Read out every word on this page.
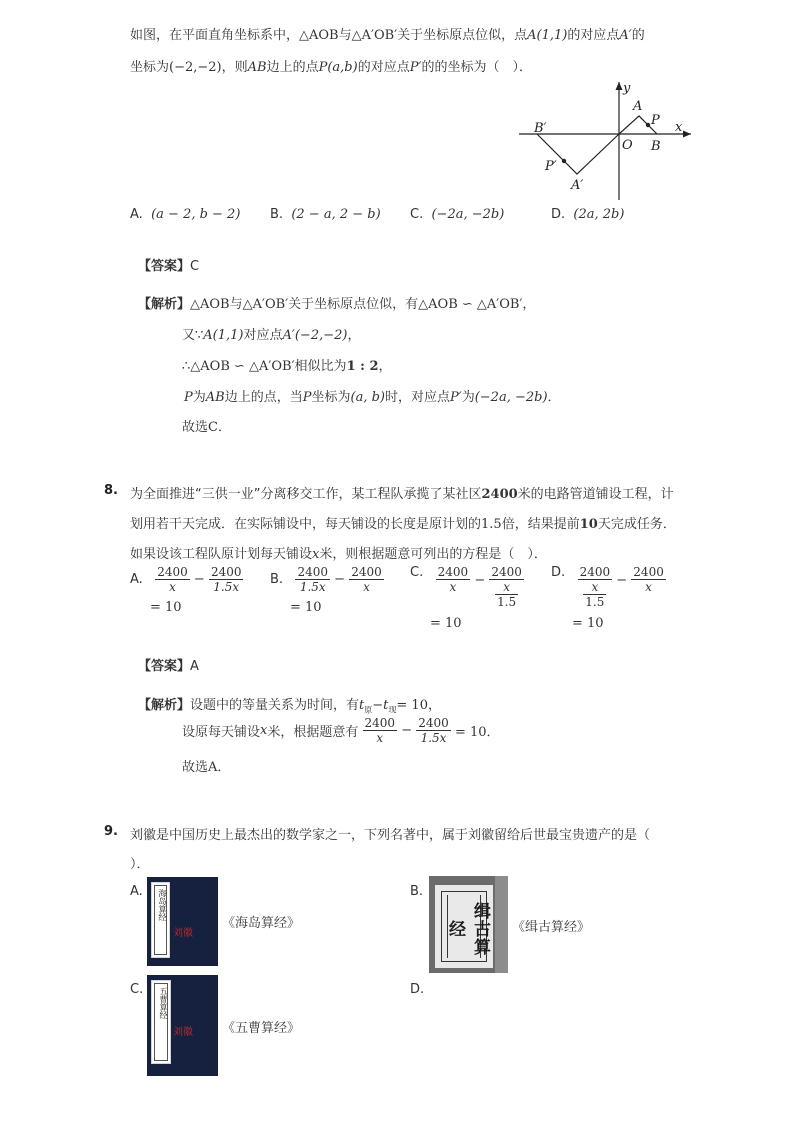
如图，在平面直角坐标系中，△AOB与△A′OB′关于坐标原点位似，点A(1,1)的对应点A′的
坐标为(−2,−2)，则AB边上的点P(a,b)的对应点P′的的坐标为（　）．
y
x
A
P
O B
B′
P′
A′
A. (a − 2, b − 2) B. (2 − a, 2 − b) C. (−2a, −2b)	D. (2a, 2b)
【答案】C
【解析】△AOB与△A′OB′关于坐标原点位似，有△AOB ∽ △A′OB′，
又∵A(1,1)对应点A′(−2,−2)，
∴△AOB ∽ △A′OB′相似比为1 : 2，
P为AB边上的点，当P坐标为(a, b)时，对应点P′为(−2a, −2b)．
故选C．
8. 为全面推进“三供一业”分离移交工作，某工程队承揽了某社区2400米的电路管道铺设工程，计
划用若干天完成．在实际铺设中，每天铺设的长度是原计划的1.5倍，结果提前10天完成任务．
如果设该工程队原计划每天铺设x米，则根据题意可列出的方程是（　）．
A. $\frac{2400}{x} - \frac{2400}{1.5x}$
= 10
B. $\frac{2400}{1.5x} - \frac{2400}{x}$
= 10
C. $\frac{2400}{x} - \frac{2400}{\frac{x}{1.5}}$
= 10
D. $\frac{2400}{\frac{x}{1.5}} - \frac{2400}{x}$
= 10
【答案】A
【解析】设题中的等量关系为时间，有$t_原-t_现= 10$，
设原每天铺设x米，根据题意有 $\frac{2400}{x} - \frac{2400}{1.5x} = 10$．
故选A．
9. 刘徽是中国历史上最杰出的数学家之一，下列名著中，属于刘徽留给后世最宝贵遗产的是（
）．
A.	海岛算经
刘徽
《海岛算经》
B.
缉古算经	《缉古算经》
C.	五曹算经
刘徽 《五曹算经》
D.
